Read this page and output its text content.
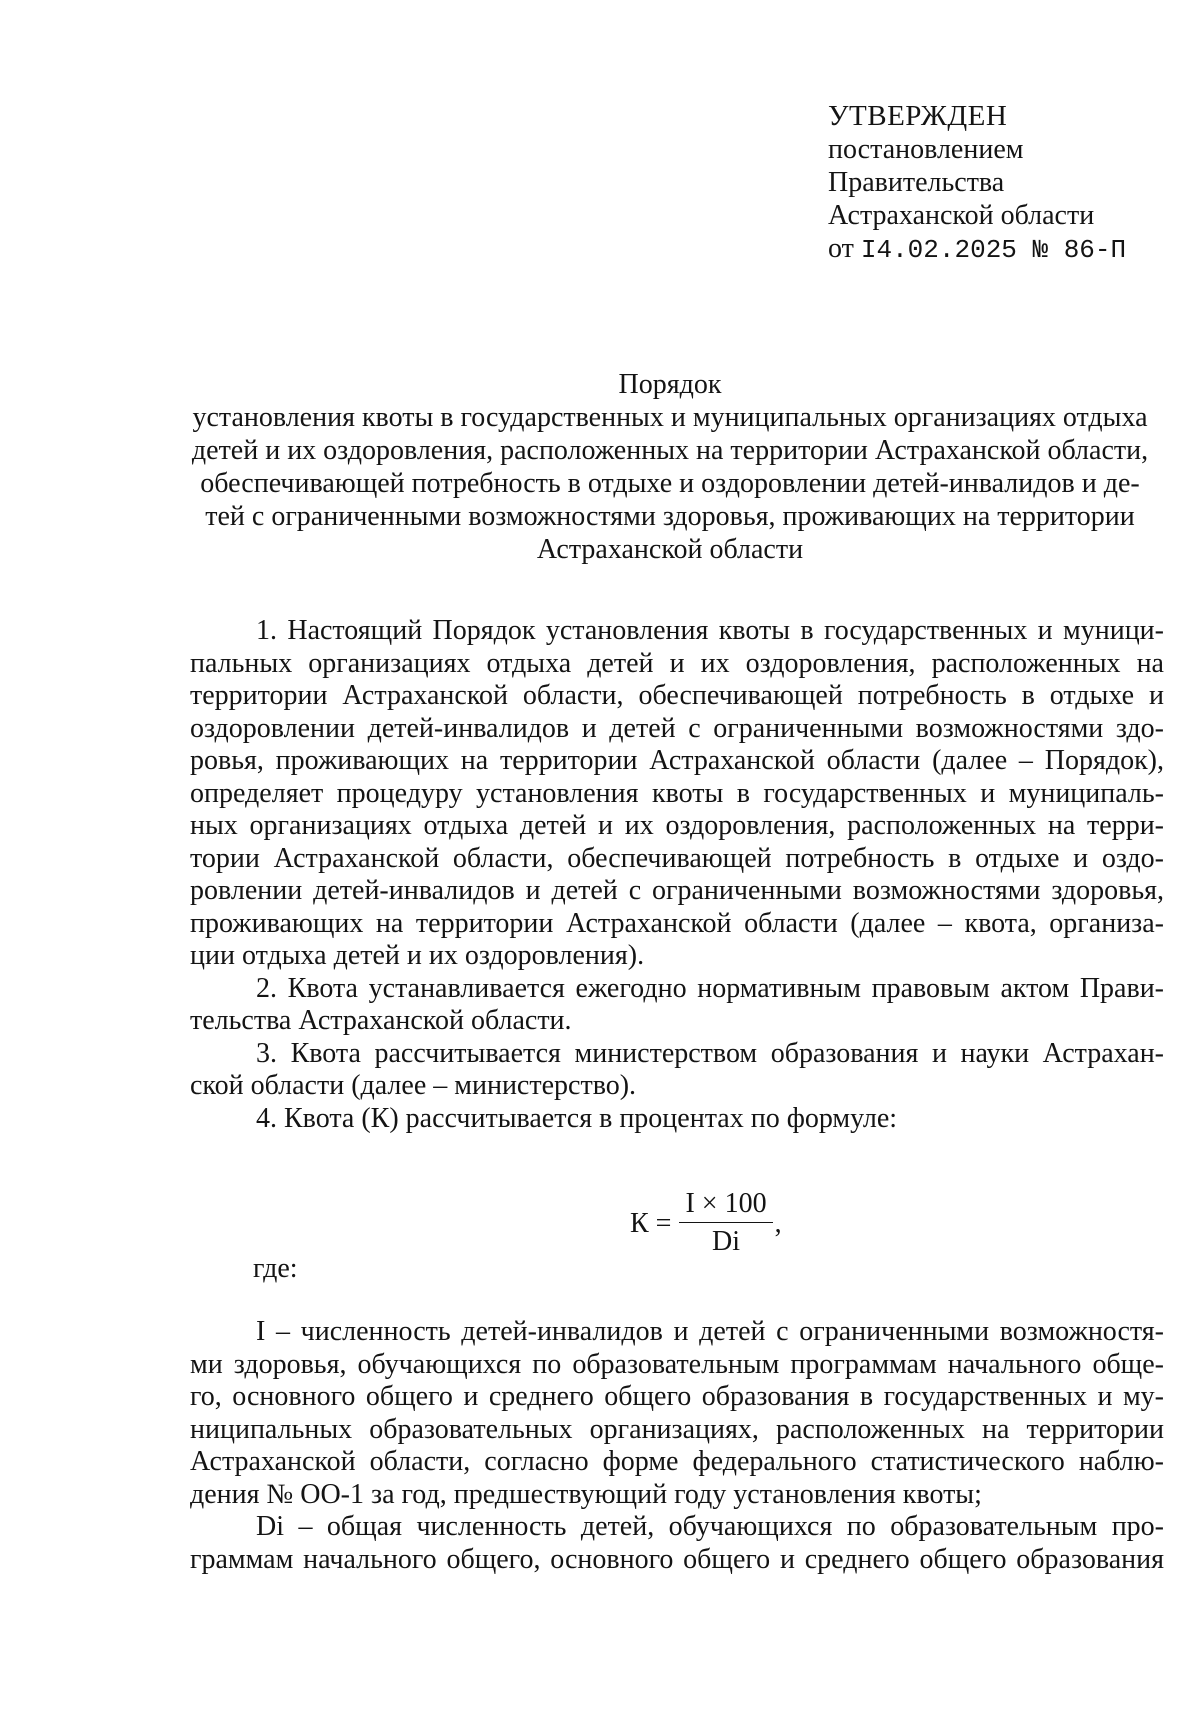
УТВЕРЖДЕН
постановлением
Правительства
Астраханской области
от I4.02.2025 № 86-П
Порядок
установления квоты в государственных и муниципальных организациях отдыха
детей и их оздоровления, расположенных на территории Астраханской области,
обеспечивающей потребность в отдыхе и оздоровлении детей-инвалидов и де-
тей с ограниченными возможностями здоровья, проживающих на территории
Астраханской области
1. Настоящий Порядок установления квоты в государственных и муници-
пальных организациях отдыха детей и их оздоровления, расположенных на
территории Астраханской области, обеспечивающей потребность в отдыхе и
оздоровлении детей-инвалидов и детей с ограниченными возможностями здо-
ровья, проживающих на территории Астраханской области (далее – Порядок),
определяет процедуру установления квоты в государственных и муниципаль-
ных организациях отдыха детей и их оздоровления, расположенных на терри-
тории Астраханской области, обеспечивающей потребность в отдыхе и оздо-
ровлении детей-инвалидов и детей с ограниченными возможностями здоровья,
проживающих на территории Астраханской области (далее – квота, организа-
ции отдыха детей и их оздоровления).
2. Квота устанавливается ежегодно нормативным правовым актом Прави-
тельства Астраханской области.
3. Квота рассчитывается министерством образования и науки Астрахан-
ской области (далее – министерство).
4. Квота (К) рассчитывается в процентах по формуле:
$К = \frac{I \times 100}{Di}$ ,
где:
I – численность детей-инвалидов и детей с ограниченными возможностя-
ми здоровья, обучающихся по образовательным программам начального обще-
го, основного общего и среднего общего образования в государственных и му-
ниципальных образовательных организациях, расположенных на территории
Астраханской области, согласно форме федерального статистического наблю-
дения № ОО-1 за год, предшествующий году установления квоты;
Di – общая численность детей, обучающихся по образовательным про-
граммам начального общего, основного общего и среднего общего образования
